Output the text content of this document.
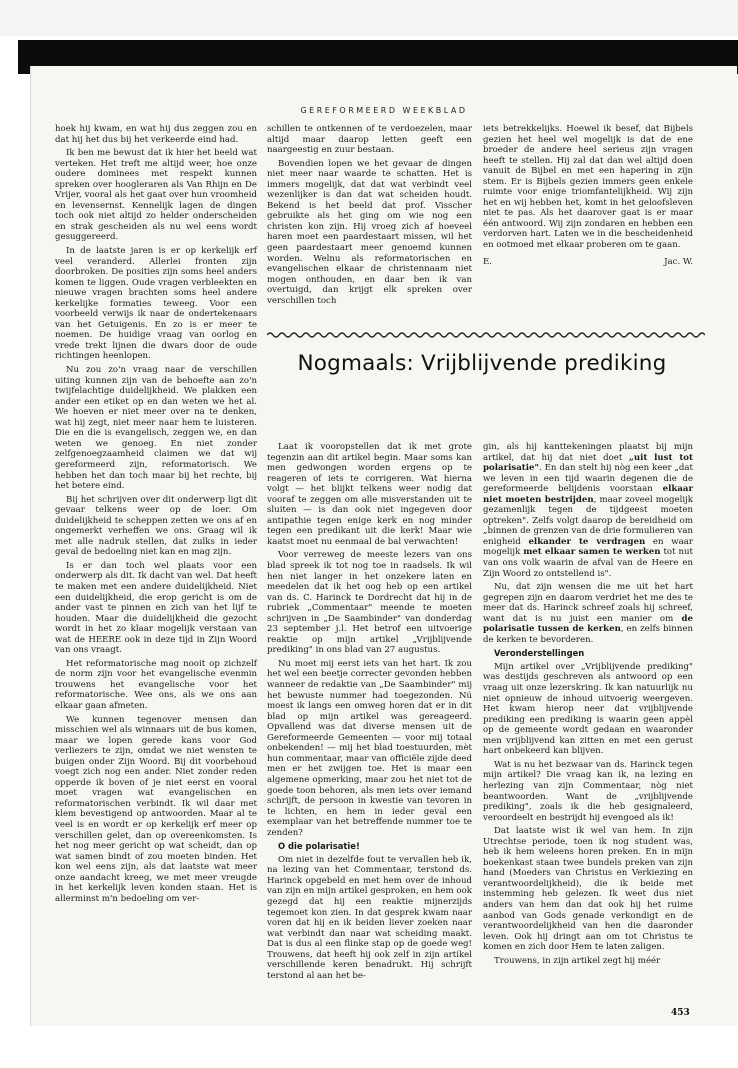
GEREFORMEERD WEEKBLAD

hoek hij kwam, en wat hij dus zeggen zou en dat hij het dus bij het verkeerde eind had.

Ik ben me bewust dat ik hier het beeld wat verteken. Het treft me altijd weer, hoe onze oudere dominees met respekt kunnen spreken over hoogleraren als Van Rhijn en De Vrijer, vooral als het gaat over hun vroomheid en levensernst. Kennelijk lagen de dingen toch ook niet altijd zo helder onderscheiden en strak gescheiden als nu wel eens wordt gesuggereerd.

In de laatste jaren is er op kerkelijk erf veel veranderd. Allerlei fronten zijn doorbroken. De posities zijn soms heel anders komen te liggen. Oude vragen verbleekten en nieuwe vragen brachten soms heel andere kerkelijke formaties teweeg. Voor een voorbeeld verwijs ik naar de ondertekenaars van het Getuigenis. En zo is er meer te noemen. De huidige vraag van oorlog en vrede trekt lijnen die dwars door de oude richtingen heenlopen.

Nu zou zo'n vraag naar de verschillen uiting kunnen zijn van de behoefte aan zo'n twijfelachtige duidelijkheid. We plakken een ander een etiket op en dan weten we het al. We hoeven er niet meer over na te denken, wat hij zegt, niet meer naar hem te luisteren. Die en die is evangelisch, zeggen we, en dan weten we genoeg. En niet zonder zelfgenoegzaamheid claimen we dat wij gereformeerd zijn, reformatorisch. We hebben het dan toch maar bij het rechte, bij het betere eind.

Bij het schrijven over dit onderwerp ligt dit gevaar telkens weer op de loer. Om duidelijkheid te scheppen zetten we ons af en ongemerkt verheffen we ons. Graag wil ik met alle nadruk stellen, dat zulks in ieder geval de bedoeling niet kan en mag zijn.

Is er dan toch wel plaats voor een onderwerp als dit. Ik dacht van wel. Dat heeft te maken met een andere duidelijkheid. Niet een duidelijkheid, die erop gericht is om de ander vast te pinnen en zich van het lijf te houden. Maar die duidelijkheid die gezocht wordt in het zo klaar mogelijk verstaan van wat de HEERE ook in deze tijd in Zijn Woord van ons vraagt.

Het reformatorische mag nooit op zichzelf de norm zijn voor het evangelische evenmin trouwens het evangelische voor het reformatorische. Wee ons, als we ons aan elkaar gaan afmeten.

We kunnen tegenover mensen dan misschien wel als winnaars uit de bus komen, maar we lopen gerede kans voor God verliezers te zijn, omdat we niet wensten te buigen onder Zijn Woord. Bij dit voorbehoud voegt zich nog een ander. Niet zonder reden opperde ik boven of je niet eerst en vooral moet vragen wat evangelischen en reformatorischen verbindt. Ik wil daar met klem bevestigend op antwoorden. Maar al te veel is en wordt er op kerkelijk erf meer op verschillen gelet, dan op overeenkomsten. Is het nog meer gericht op wat scheidt, dan op wat samen bindt of zou moeten binden. Het kon wel eens zijn, als dat laatste wat meer onze aandacht kreeg, we met meer vreugde in het kerkelijk leven konden staan. Het is allerminst m'n bedoeling om ver-

schillen te ontkennen of te verdoezelen, maar altijd maar daarop letten geeft een naargeestig en zuur bestaan.

Bovendien lopen we het gevaar de dingen niet meer naar waarde te schatten. Het is immers mogelijk, dat dat wat verbindt veel wezenlijker is dan dat wat scheiden houdt. Bekend is het beeld dat prof. Visscher gebruikte als het ging om wie nog een christen kon zijn. Hij vroeg zich af hoeveel haren moet een paardestaart missen, wil het geen paardestaart meer genoemd kunnen worden. Welnu als reformatorischen en evangelischen elkaar de christennaam niet mogen onthouden, en daar ben ik van overtuigd, dan krijgt elk spreken over verschillen toch

iets betrekkelijks. Hoewel ik besef, dat Bijbels gezien het heel wel mogelijk is dat de ene broeder de andere heel serieus zijn vragen heeft te stellen. Hij zal dat dan wel altijd doen vanuit de Bijbel en met een hapering in zijn stem. Er is Bijbels gezien immers geen enkele ruimte voor enige triomfantelijkheid. Wij zijn het en wij hebben het, komt in het geloofsleven niet te pas. Als het daarover gaat is er maar één antwoord. Wij zijn zondaren en hebben een verdorven hart. Laten we in die bescheidenheid en ootmoed met elkaar proberen om te gaan.

E.	Jac. W.
Nogmaals: Vrijblijvende prediking

Laat ik vooropstellen dat ik met grote tegenzin aan dit artikel begin. Maar soms kan men gedwongen worden ergens op te reageren of iets te corrigeren. Wat hierna volgt — het blijkt telkens weer nodig dat vooraf te zeggen om alle misverstanden uit te sluiten — is dan ook niet ingegeven door antipathie tegen enige kerk en nog minder tegen een predikant uit die kerk! Maar wie kaatst moet nu eenmaal de bal verwachten!

Voor verreweg de meeste lezers van ons blad spreek ik tot nog toe in raadsels. Ik wil hen niet langer in het onzekere laten en meedelen dat ik het oog heb op een artikel van ds. C. Harinck te Dordrecht dat hij in de rubriek „Commentaar" meende te moeten schrijven in „De Saambinder" van donderdag 23 september j.l. Het betrof een uitvoerige reaktie op mijn artikel „Vrijblijvende prediking" in ons blad van 27 augustus.

Nu moet mij eerst iets van het hart. Ik zou het wel een beetje correcter gevonden hebben wanneer de redaktie van „De Saambinder" mij het bewuste nummer had toegezonden. Nú moest ik langs een omweg horen dat er in dit blad op mijn artikel was gereageerd. Opvallend was dat diverse mensen uit de Gereformeerde Gemeenten — voor mij totaal onbekenden! — mij het blad toestuurden, mèt hun commentaar, maar van officiële zijde deed men er het zwijgen toe. Het is maar een algemene opmerking, maar zou het niet tot de goede toon behoren, als men iets over iemand schrijft, de persoon in kwestie van tevoren in te lichten, en hem in ieder geval een exemplaar van het betreffende nummer toe te zenden?

O die polarisatie!

Om niet in dezelfde fout te vervallen heb ik, na lezing van het Commentaar, terstond ds. Harinck opgebeld en met hem over de inhoud van zijn en mijn artikel gesproken, en hem ook gezegd dat hij een reaktie mijnerzijds tegemoet kon zien. In dat gesprek kwam naar voren dat hij en ik beiden liever zoeken naar wat verbindt dan naar wat scheiding maakt. Dat is dus al een flinke stap op de goede weg! Trouwens, dat heeft hij ook zelf in zijn artikel verschillende keren benadrukt. Hij schrijft terstond al aan het be-

gin, als hij kanttekeningen plaatst bij mijn artikel, dat hij dat niet doet „uit lust tot polarisatie". En dan stelt hij nòg een keer „dat we leven in een tijd waarin degenen die de gereformeerde belijdenis voorstaan elkaar niet moeten bestrijden, maar zoveel mogelijk gezamenlijk tegen de tijdgeest moeten optreken". Zelfs volgt daarop de bereidheid om „binnen de grenzen van de drie formulieren van enigheid elkander te verdragen en waar mogelijk met elkaar samen te werken tot nut van ons volk waarin de afval van de Heere en Zijn Woord zo ontstellend is".

Nu, dat zijn wensen die me uit het hart gegrepen zijn en daarom verdriet het me des te meer dat ds. Harinck schreef zoals hij schreef, want dat is nu juist een manier om de polarisatie tussen de kerken, en zelfs binnen de kerken te bevorderen.

Veronderstellingen

Mijn artikel over „Vrijblijvende prediking" was destijds geschreven als antwoord op een vraag uit onze lezerskring. Ik kan natuurlijk nu niet opnieuw de inhoud uitvoerig weergeven. Het kwam hierop neer dat vrijblijvende prediking een prediking is waarin geen appèl op de gemeente wordt gedaan en waaronder men vrijblijvend kan zitten en met een gerust hart onbekeerd kan blijven.

Wat is nu het bezwaar van ds. Harinck tegen mijn artikel? Die vraag kan ik, na lezing en herlezing van zijn Commentaar, nòg niet beantwoorden. Want de „vrijblijvende prediking", zoals ik die heb gesignaleerd, veroordeelt en bestrijdt hij evengoed als ik!

Dat laatste wist ik wel van hem. In zijn Utrechtse periode, toen ik nog student was, heb ik hem weleens horen preken. En in mijn boekenkast staan twee bundels preken van zijn hand (Moeders van Christus en Verkiezing en verantwoordelijkheid), die ik beide met instemming heb gelezen. Ik weet dus niet anders van hem dan dat ook hij het ruime aanbod van Gods genade verkondigt en de verantwoordelijkheid van hen die daaronder leven. Ook hij dringt aan om tot Christus te komen en zich door Hem te laten zaligen.

Trouwens, in zijn artikel zegt hij méér

453
